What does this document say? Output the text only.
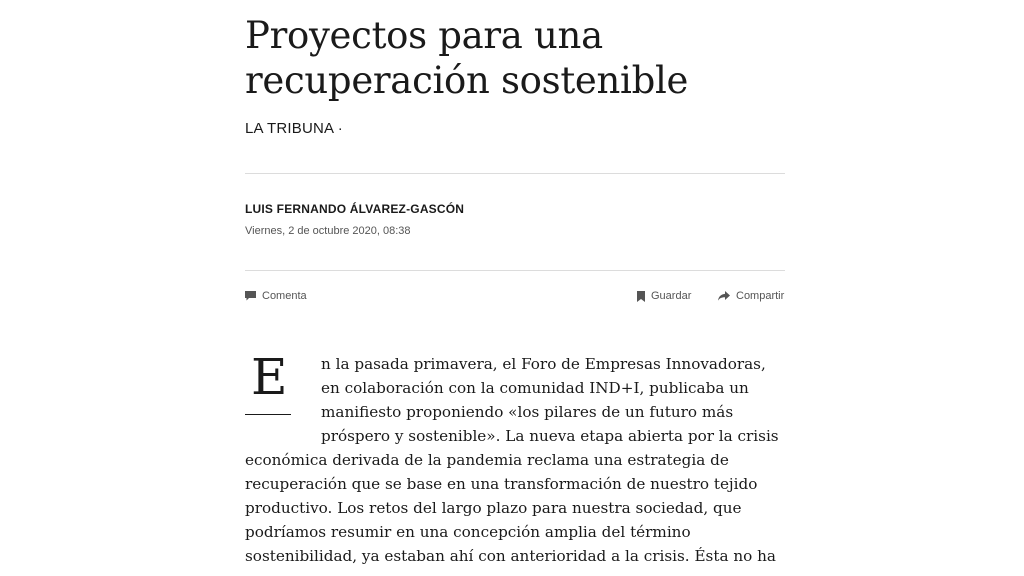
Proyectos para una recuperación sostenible
LA TRIBUNA ·
LUIS FERNANDO ÁLVAREZ-GASCÓN
Viernes, 2 de octubre 2020, 08:38
Comenta	Guardar	Compartir
E	n la pasada primavera, el Foro de Empresas Innovadoras, en colaboración con la comunidad IND+I, publicaba un manifiesto proponiendo «los pilares de un futuro más próspero y sostenible». La nueva etapa abierta por la crisis económica derivada de la pandemia reclama una estrategia de recuperación que se base en una transformación de nuestro tejido productivo. Los retos del largo plazo para nuestra sociedad, que podríamos resumir en una concepción amplia del término sostenibilidad, ya estaban ahí con anterioridad a la crisis. Ésta no ha
